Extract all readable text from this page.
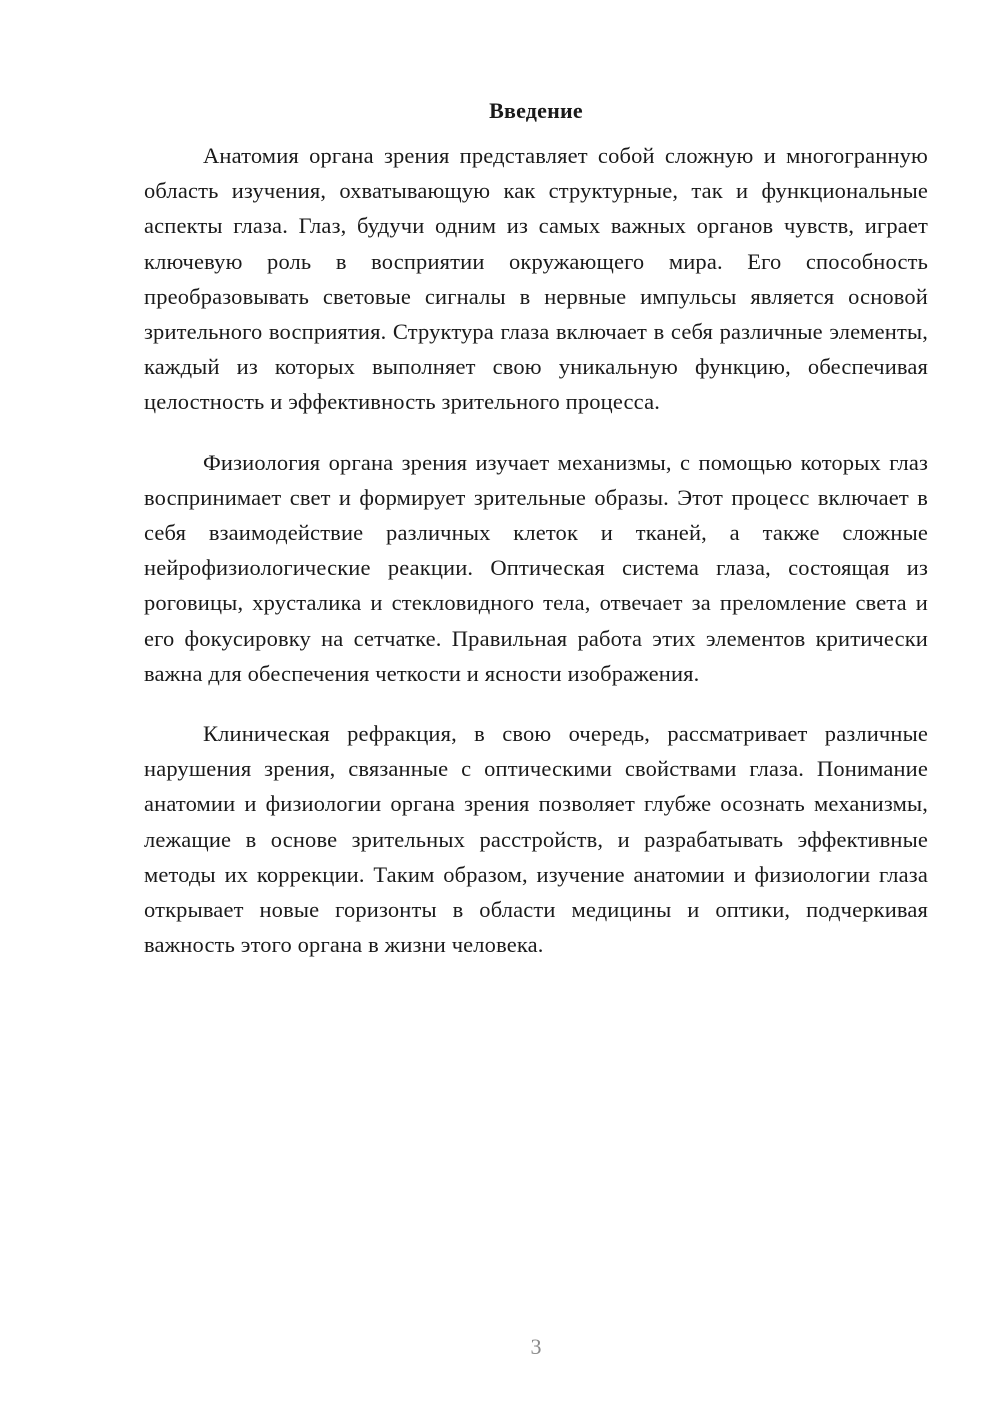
Введение

Анатомия органа зрения представляет собой сложную и многогранную область изучения, охватывающую как структурные, так и функциональные аспекты глаза. Глаз, будучи одним из самых важных органов чувств, играет ключевую роль в восприятии окружающего мира. Его способность преобразовывать световые сигналы в нервные импульсы является основой зрительного восприятия. Структура глаза включает в себя различные элементы, каждый из которых выполняет свою уникальную функцию, обеспечивая целостность и эффективность зрительного процесса.

Физиология органа зрения изучает механизмы, с помощью которых глаз воспринимает свет и формирует зрительные образы. Этот процесс включает в себя взаимодействие различных клеток и тканей, а также сложные нейрофизиологические реакции. Оптическая система глаза, состоящая из роговицы, хрусталика и стекловидного тела, отвечает за преломление света и его фокусировку на сетчатке. Правильная работа этих элементов критически важна для обеспечения четкости и ясности изображения.

Клиническая рефракция, в свою очередь, рассматривает различные нарушения зрения, связанные с оптическими свойствами глаза. Понимание анатомии и физиологии органа зрения позволяет глубже осознать механизмы, лежащие в основе зрительных расстройств, и разрабатывать эффективные методы их коррекции. Таким образом, изучение анатомии и физиологии глаза открывает новые горизонты в области медицины и оптики, подчеркивая важность этого органа в жизни человека.

3
